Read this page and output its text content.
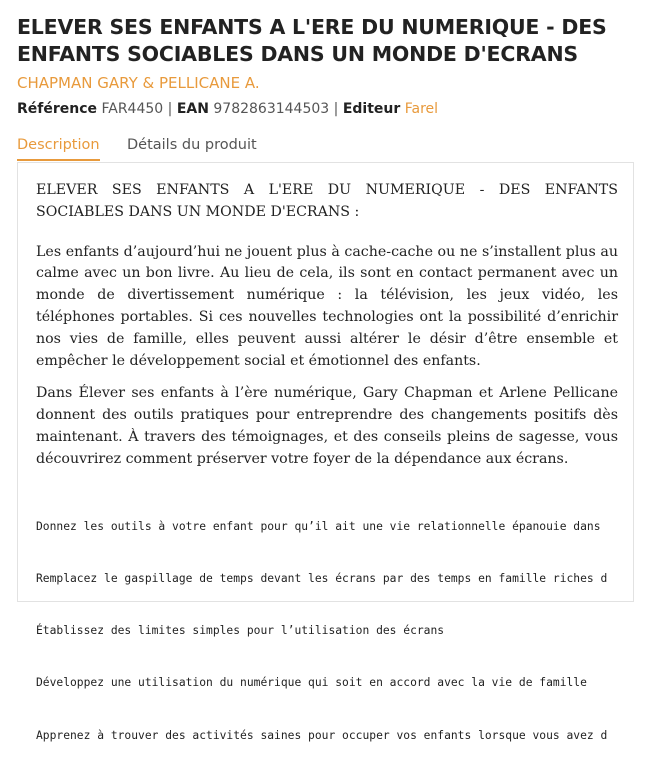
ELEVER SES ENFANTS A L'ERE DU NUMERIQUE - DES ENFANTS SOCIABLES DANS UN MONDE D'ECRANS
CHAPMAN GARY & PELLICANE A.
Référence FAR4450 | EAN 9782863144503 | Editeur Farel
Description Détails du produit

ELEVER SES ENFANTS A L'ERE DU NUMERIQUE - DES ENFANTS SOCIABLES DANS UN MONDE D'ECRANS :

Les enfants d’aujourd’hui ne jouent plus à cache-cache ou ne s’installent plus au calme avec un bon livre. Au lieu de cela, ils sont en contact permanent avec un monde de divertissement numérique : la télévision, les jeux vidéo, les téléphones portables. Si ces nouvelles technologies ont la possibilité d’enrichir nos vies de famille, elles peuvent aussi altérer le désir d’être ensemble et empêcher le développement social et émotionnel des enfants.

Dans Élever ses enfants à l’ère numérique, Gary Chapman et Arlene Pellicane donnent des outils pratiques pour entreprendre des changements positifs dès maintenant. À travers des témoignages, et des conseils pleins de sagesse, vous découvrirez comment préserver votre foyer de la dépendance aux écrans.

Donnez les outils à votre enfant pour qu’il ait une vie relationnelle épanouie dans

Remplacez le gaspillage de temps devant les écrans par des temps en famille riches d

Établissez des limites simples pour l’utilisation des écrans

Développez une utilisation du numérique qui soit en accord avec la vie de famille

Apprenez à trouver des activités saines pour occuper vos enfants lorsque vous avez d
